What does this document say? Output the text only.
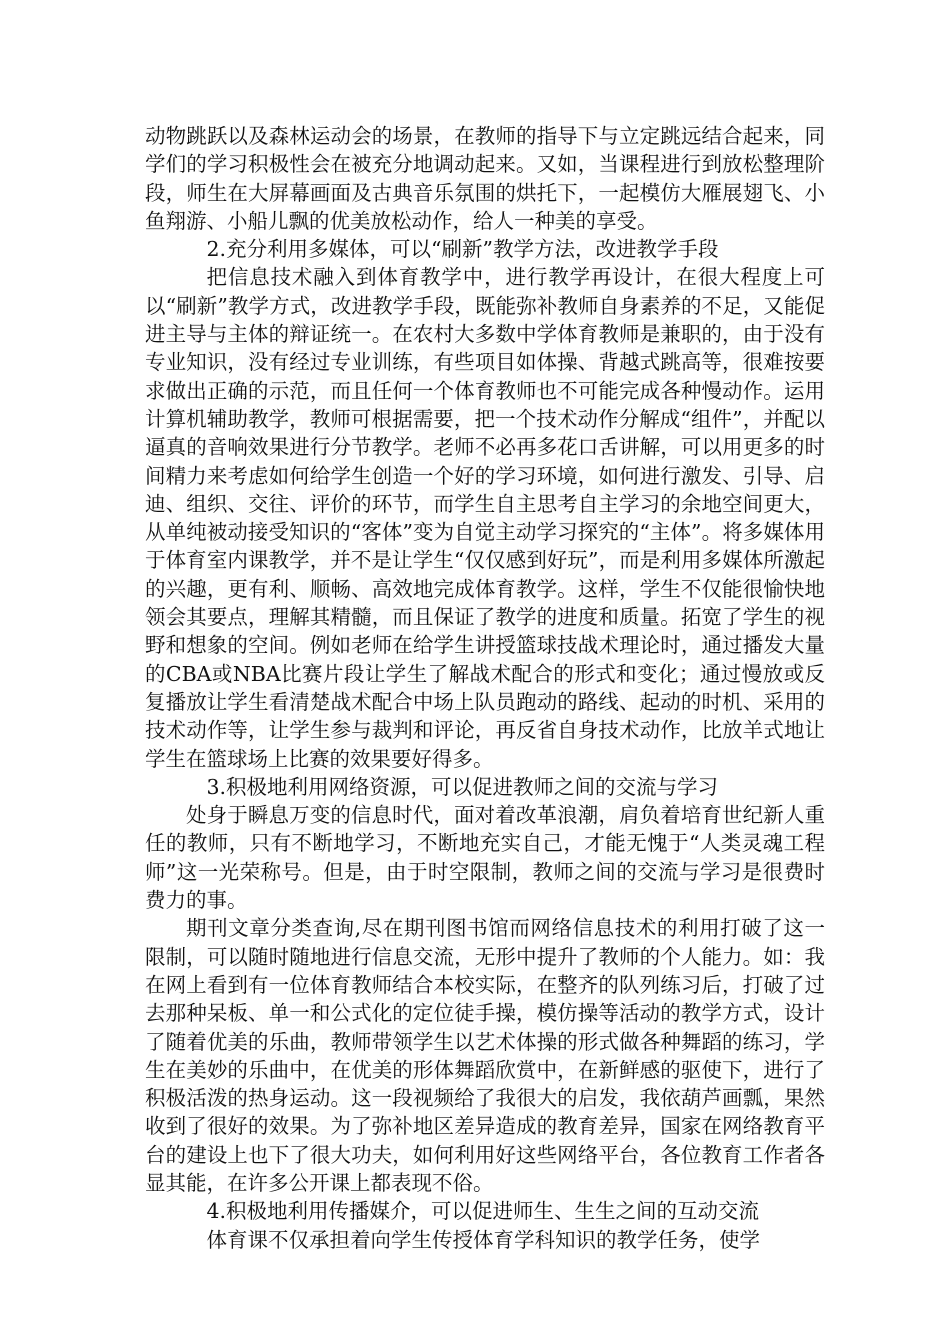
动物跳跃以及森林运动会的场景，在教师的指导下与立定跳远结合起来，同学们的学习积极性会在被充分地调动起来。又如，当课程进行到放松整理阶段，师生在大屏幕画面及古典音乐氛围的烘托下，一起模仿大雁展翅飞、小鱼翔游、小船儿飘的优美放松动作，给人一种美的享受。

2.充分利用多媒体，可以“刷新”教学方法，改进教学手段

把信息技术融入到体育教学中，进行教学再设计，在很大程度上可以“刷新”教学方式，改进教学手段，既能弥补教师自身素养的不足，又能促进主导与主体的辩证统一。在农村大多数中学体育教师是兼职的，由于没有专业知识，没有经过专业训练，有些项目如体操、背越式跳高等，很难按要求做出正确的示范，而且任何一个体育教师也不可能完成各种慢动作。运用计算机辅助教学，教师可根据需要，把一个技术动作分解成“组件”，并配以逼真的音响效果进行分节教学。老师不必再多花口舌讲解，可以用更多的时间精力来考虑如何给学生创造一个好的学习环境，如何进行激发、引导、启迪、组织、交往、评价的环节，而学生自主思考自主学习的余地空间更大，从单纯被动接受知识的“客体”变为自觉主动学习探究的“主体”。将多媒体用于体育室内课教学，并不是让学生“仅仅感到好玩”，而是利用多媒体所激起的兴趣，更有利、顺畅、高效地完成体育教学。这样，学生不仅能很愉快地领会其要点，理解其精髓，而且保证了教学的进度和质量。拓宽了学生的视野和想象的空间。例如老师在给学生讲授篮球技战术理论时，通过播发大量的CBA或NBA比赛片段让学生了解战术配合的形式和变化；通过慢放或反复播放让学生看清楚战术配合中场上队员跑动的路线、起动的时机、采用的技术动作等，让学生参与裁判和评论，再反省自身技术动作，比放羊式地让学生在篮球场上比赛的效果要好得多。

3.积极地利用网络资源，可以促进教师之间的交流与学习

处身于瞬息万变的信息时代，面对着改革浪潮，肩负着培育世纪新人重任的教师，只有不断地学习，不断地充实自己，才能无愧于“人类灵魂工程师”这一光荣称号。但是，由于时空限制，教师之间的交流与学习是很费时费力的事。

期刊文章分类查询,尽在期刊图书馆而网络信息技术的利用打破了这一限制，可以随时随地进行信息交流，无形中提升了教师的个人能力。如：我在网上看到有一位体育教师结合本校实际，在整齐的队列练习后，打破了过去那种呆板、单一和公式化的定位徒手操，模仿操等活动的教学方式，设计了随着优美的乐曲，教师带领学生以艺术体操的形式做各种舞蹈的练习，学生在美妙的乐曲中，在优美的形体舞蹈欣赏中，在新鲜感的驱使下，进行了积极活泼的热身运动。这一段视频给了我很大的启发，我依葫芦画瓢，果然收到了很好的效果。为了弥补地区差异造成的教育差异，国家在网络教育平台的建设上也下了很大功夫，如何利用好这些网络平台，各位教育工作者各显其能，在许多公开课上都表现不俗。

4.积极地利用传播媒介，可以促进师生、生生之间的互动交流

体育课不仅承担着向学生传授体育学科知识的教学任务，使学
